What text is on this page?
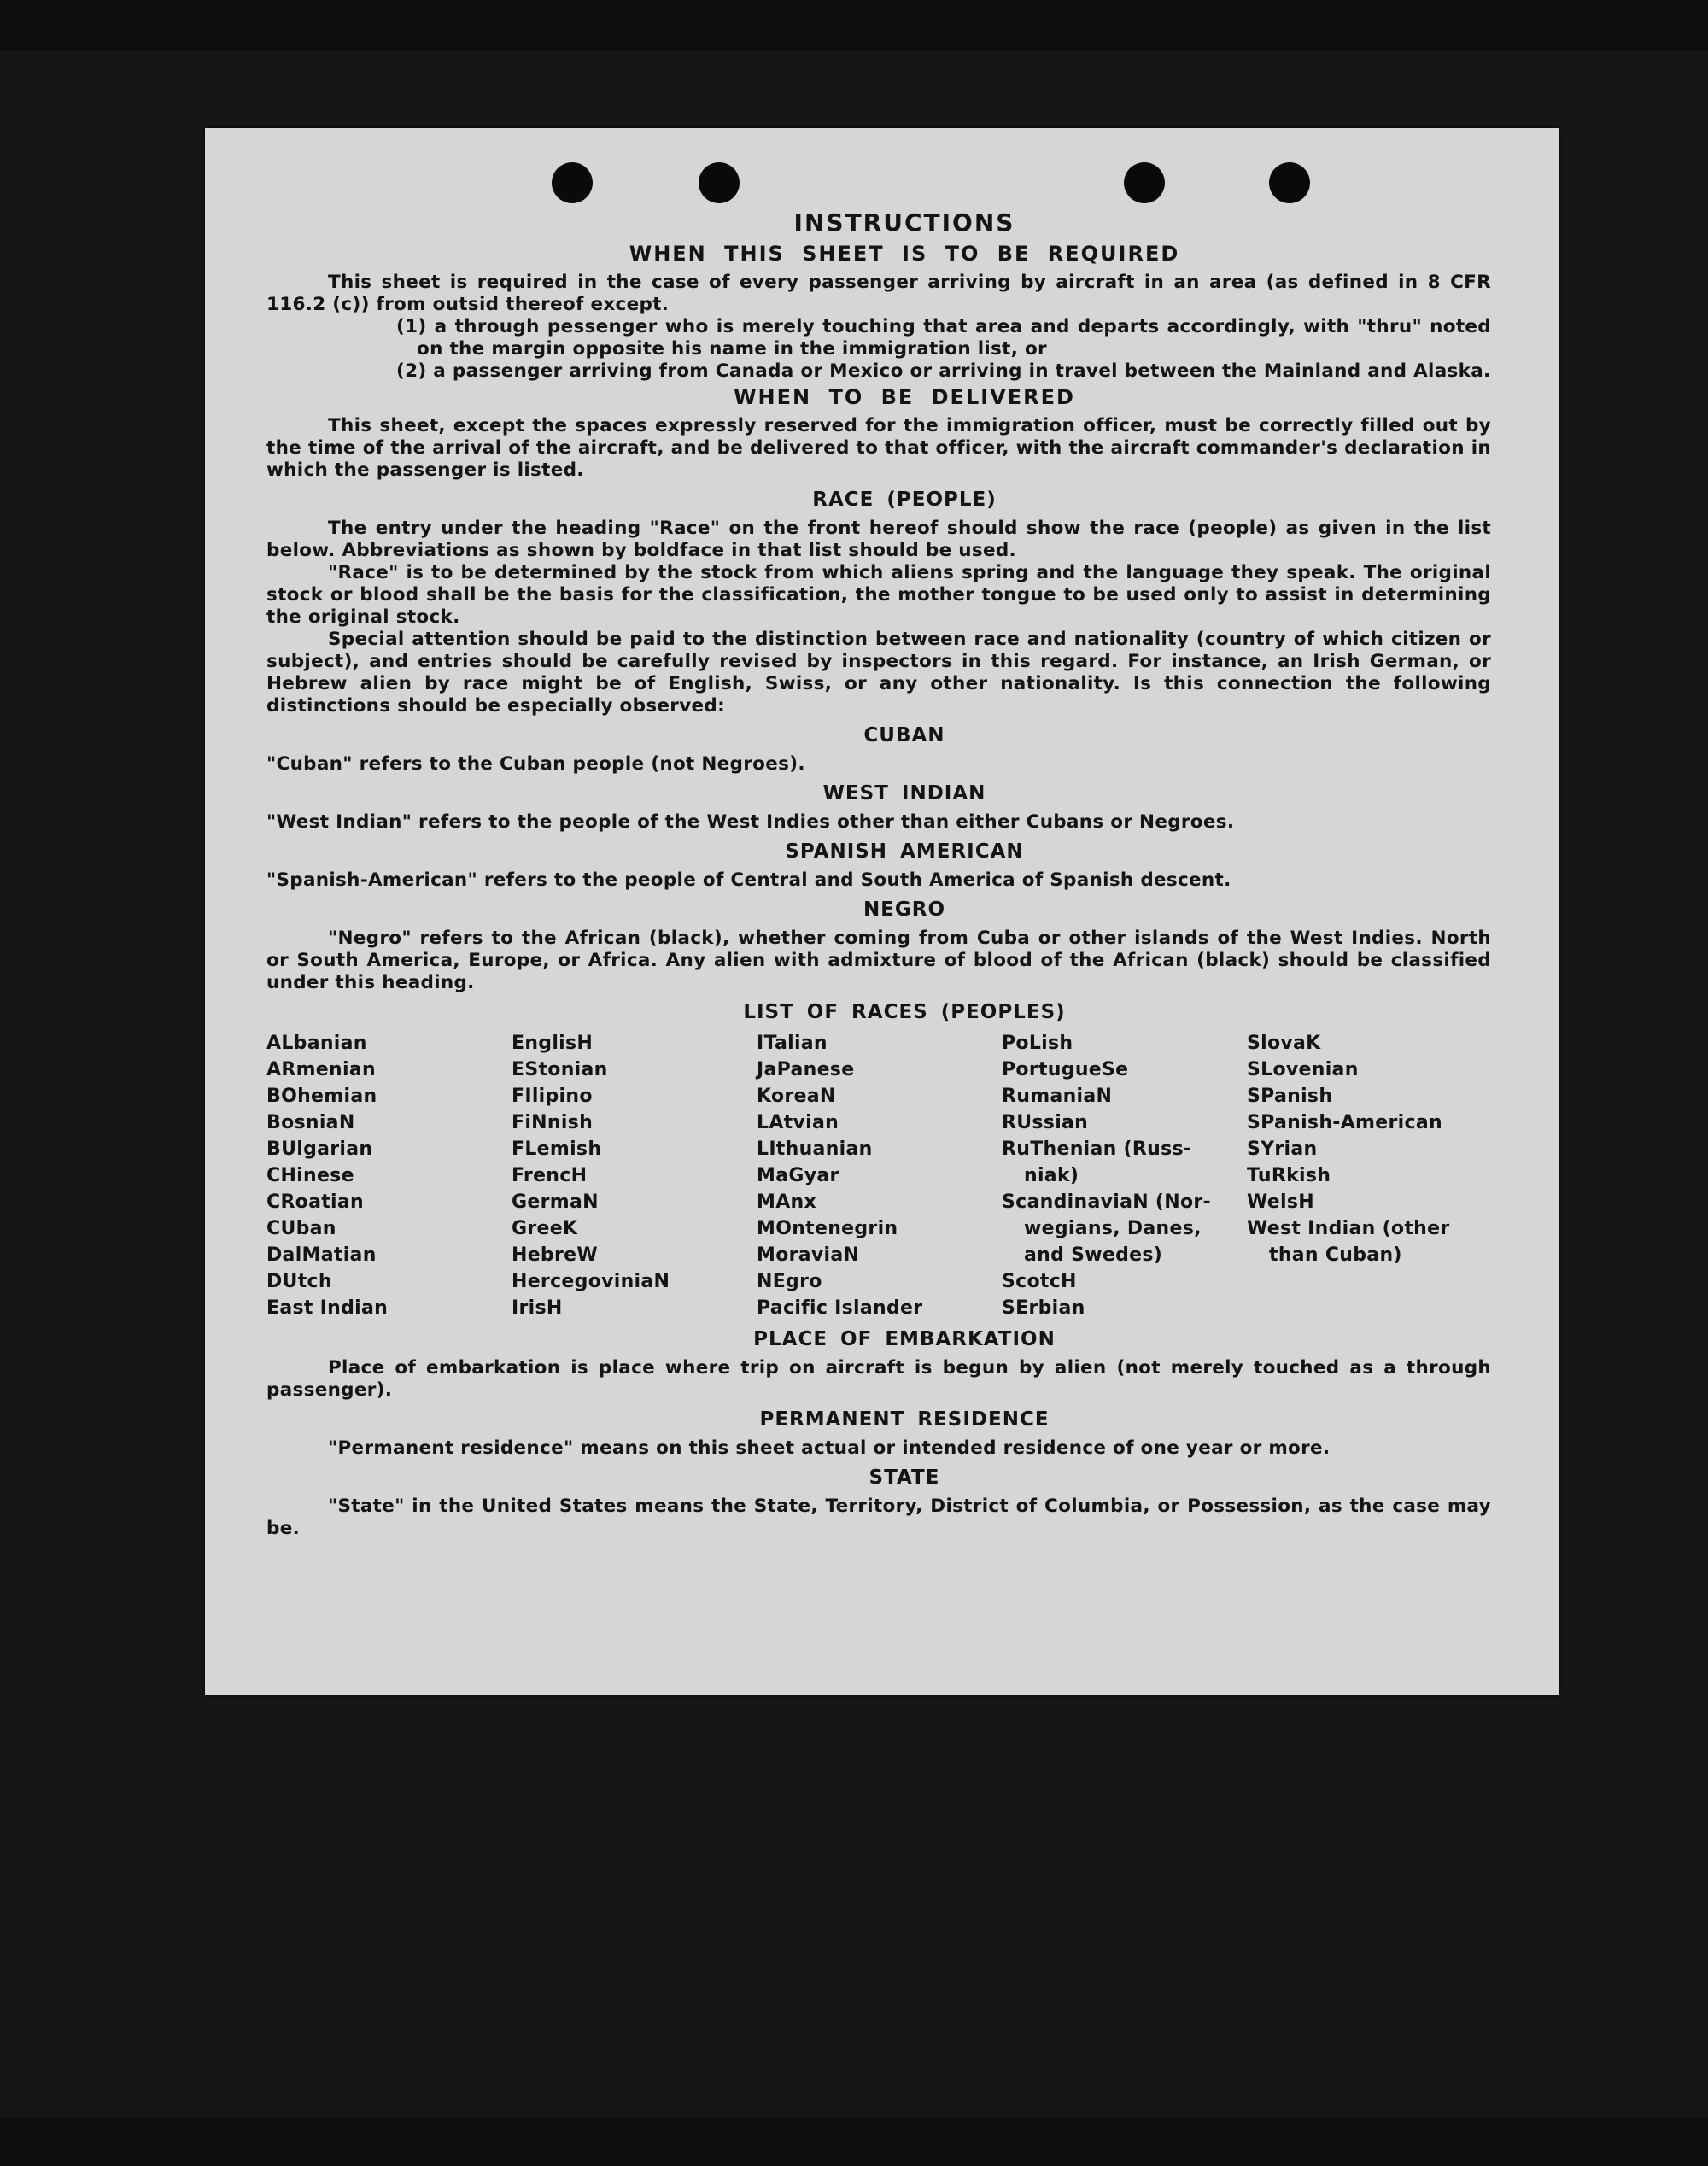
INSTRUCTIONS
WHEN THIS SHEET IS TO BE REQUIRED

This sheet is required in the case of every passenger arriving by aircraft in an area (as defined in 8 CFR 116.2 (c)) from outsid thereof except.

(1) a through pessenger who is merely touching that area and departs accordingly, with "thru" noted on the margin opposite his name in the immigration list, or
(2) a passenger arriving from Canada or Mexico or arriving in travel between the Mainland and Alaska.
WHEN TO BE DELIVERED

This sheet, except the spaces expressly reserved for the immigration officer, must be correctly filled out by the time of the arrival of the aircraft, and be delivered to that officer, with the aircraft commander's declaration in which the passenger is listed.

RACE (PEOPLE)

The entry under the heading "Race" on the front hereof should show the race (people) as given in the list below. Abbreviations as shown by boldface in that list should be used.

"Race" is to be determined by the stock from which aliens spring and the language they speak. The original stock or blood shall be the basis for the classification, the mother tongue to be used only to assist in determining the original stock.

Special attention should be paid to the distinction between race and nationality (country of which citizen or subject), and entries should be carefully revised by inspectors in this regard. For instance, an Irish German, or Hebrew alien by race might be of English, Swiss, or any other nationality. Is this connection the following distinctions should be especially observed:

CUBAN

"Cuban" refers to the Cuban people (not Negroes).

WEST INDIAN

"West Indian" refers to the people of the West Indies other than either Cubans or Negroes.

SPANISH AMERICAN

"Spanish-American" refers to the people of Central and South America of Spanish descent.

NEGRO

"Negro" refers to the African (black), whether coming from Cuba or other islands of the West Indies. North or South America, Europe, or Africa. Any alien with admixture of blood of the African (black) should be classified under this heading.

LIST OF RACES (PEOPLES)
ALbanian
ARmenian
BOhemian
BosniaN
BUlgarian
CHinese
CRoatian
CUban
DalMatian
DUtch
East Indian
EnglisH
EStonian
FIlipino
FiNnish
FLemish
FrencH
GermaN
GreeK
HebreW
HercegoviniaN
IrisH
ITalian
JaPanese
KoreaN
LAtvian
LIthuanian
MaGyar
MAnx
MOntenegrin
MoraviaN
NEgro
Pacific Islander
PoLish
PortugueSe
RumaniaN
RUssian
RuThenian (Russ-
niak)
ScandinaviaN (Nor-
wegians, Danes,
and Swedes)
ScotcH
SErbian
SlovaK
SLovenian
SPanish
SPanish-American
SYrian
TuRkish
WelsH
West Indian (other
than Cuban)
PLACE OF EMBARKATION

Place of embarkation is place where trip on aircraft is begun by alien (not merely touched as a through passenger).

PERMANENT RESIDENCE

"Permanent residence" means on this sheet actual or intended residence of one year or more.

STATE

"State" in the United States means the State, Territory, District of Columbia, or Possession, as the case may be.
